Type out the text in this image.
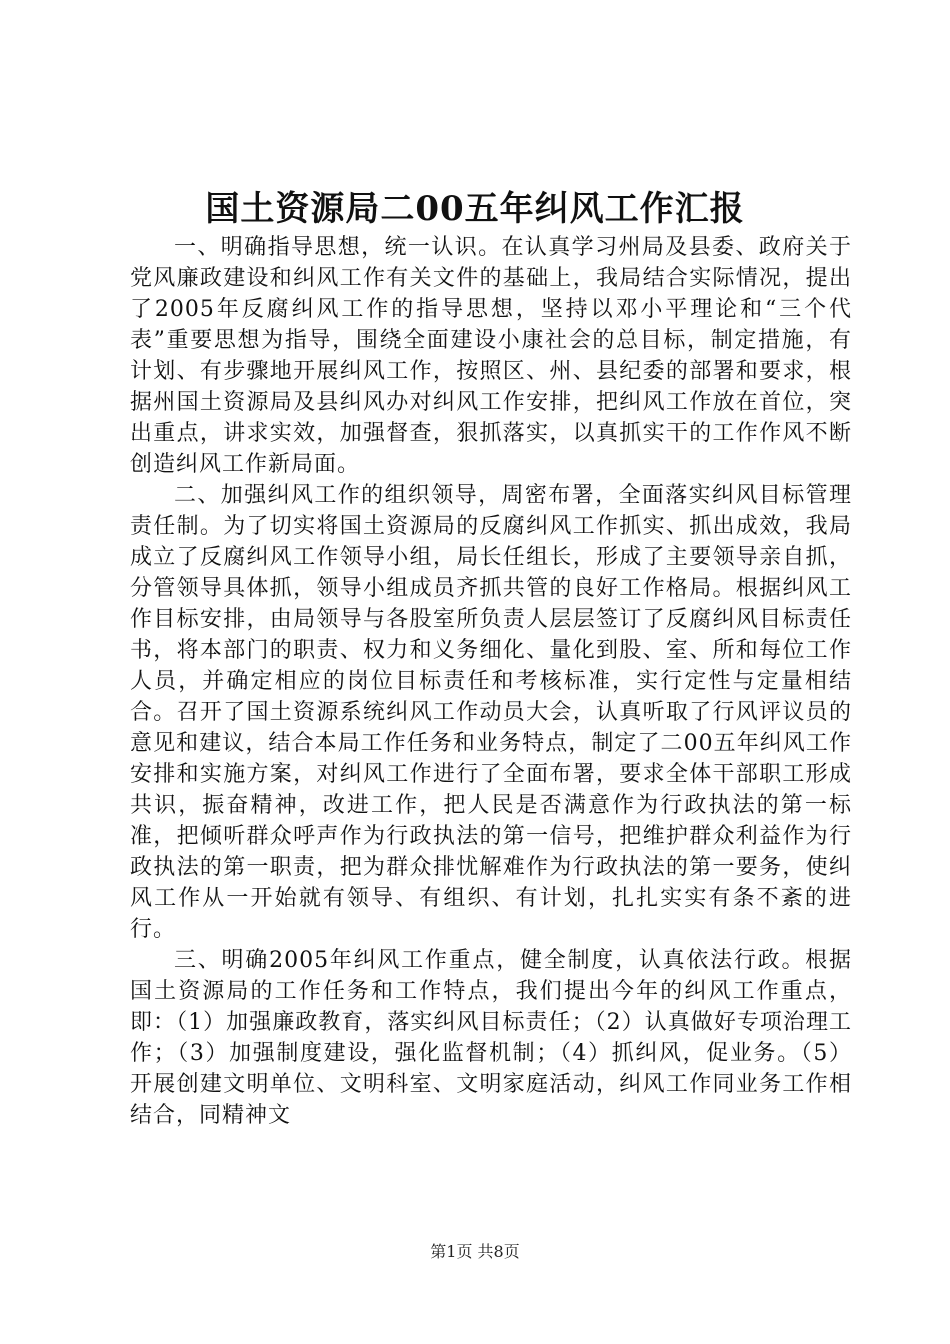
国土资源局二00五年纠风工作汇报

一、明确指导思想，统一认识。在认真学习州局及县委、政府关于党风廉政建设和纠风工作有关文件的基础上，我局结合实际情况，提出了2005年反腐纠风工作的指导思想，坚持以邓小平理论和“三个代表”重要思想为指导，围绕全面建设小康社会的总目标，制定措施，有计划、有步骤地开展纠风工作，按照区、州、县纪委的部署和要求，根据州国土资源局及县纠风办对纠风工作安排，把纠风工作放在首位，突出重点，讲求实效，加强督查，狠抓落实，以真抓实干的工作作风不断创造纠风工作新局面。

二、加强纠风工作的组织领导，周密布署，全面落实纠风目标管理责任制。为了切实将国土资源局的反腐纠风工作抓实、抓出成效，我局成立了反腐纠风工作领导小组，局长任组长，形成了主要领导亲自抓，分管领导具体抓，领导小组成员齐抓共管的良好工作格局。根据纠风工作目标安排，由局领导与各股室所负责人层层签订了反腐纠风目标责任书，将本部门的职责、权力和义务细化、量化到股、室、所和每位工作人员，并确定相应的岗位目标责任和考核标准，实行定性与定量相结合。召开了国土资源系统纠风工作动员大会，认真听取了行风评议员的意见和建议，结合本局工作任务和业务特点，制定了二00五年纠风工作安排和实施方案，对纠风工作进行了全面布署，要求全体干部职工形成共识，振奋精神，改进工作，把人民是否满意作为行政执法的第一标准，把倾听群众呼声作为行政执法的第一信号，把维护群众利益作为行政执法的第一职责，把为群众排忧解难作为行政执法的第一要务，使纠风工作从一开始就有领导、有组织、有计划，扎扎实实有条不紊的进行。

三、明确2005年纠风工作重点，健全制度，认真依法行政。根据国土资源局的工作任务和工作特点，我们提出今年的纠风工作重点，即：（1）加强廉政教育，落实纠风目标责任；（2）认真做好专项治理工作；（3）加强制度建设，强化监督机制；（4）抓纠风，促业务。（5）开展创建文明单位、文明科室、文明家庭活动，纠风工作同业务工作相结合，同精神文

第1页 共8页
